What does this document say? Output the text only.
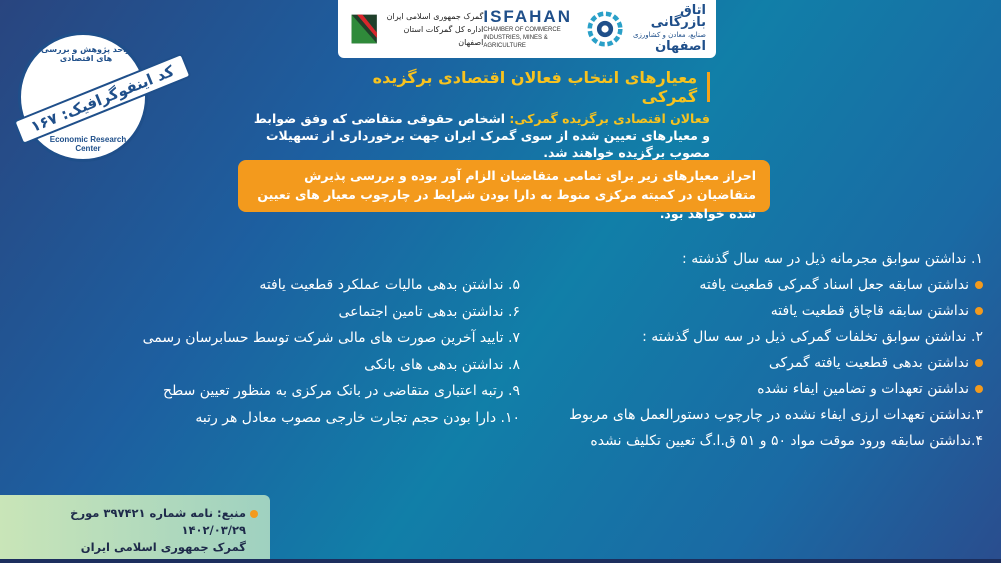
گمرک جمهوری اسلامی ایران
اداره کل گمرکات استان اصفهان
ISFAHAN
CHAMBER OF COMMERCE
INDUSTRIES, MINES & AGRICULTURE
اتاق بازرگانی
صنایع، معادن و کشاورزی
اصفهان
واحد پژوهش و بررسی های اقتصادی
Economic Research Center
کد اینفوگرافیک: ۱۶۷	معیارهای انتخاب فعالان اقتصادی برگزیده گمرکی
فعالان اقتصادی برگزیده گمرکی: اشخاص حقوقی متقاضی که وفق ضوابط و معیارهای تعیین شده از سوی گمرک ایران جهت برخورداری از تسهیلات مصوب برگزیده خواهند شد.
احراز معیارهای زیر برای تمامی متقاضیان الزام آور بوده و بررسی پذیرش متقاضیان در کمیته مرکزی منوط به دارا بودن شرایط در چارچوب معیار های تعیین شده خواهد بود.
۱. نداشتن سوابق مجرمانه ذیل در سه سال گذشته :
نداشتن سابقه جعل اسناد گمرکی قطعیت یافته
نداشتن سابقه قاچاق قطعیت یافته
۲. نداشتن سوابق تخلفات گمرکی ذیل در سه سال گذشته :
نداشتن بدهی قطعیت یافته گمرکی
نداشتن تعهدات و تضامین ایفاء نشده
۳.نداشتن تعهدات ارزی ایفاء نشده در چارچوب دستورالعمل های مربوط
۴.نداشتن سابقه ورود موقت مواد ۵۰ و ۵۱ ق.ا.گ تعیین تکلیف نشده
۵. نداشتن بدهی مالیات عملکرد قطعیت یافته
۶. نداشتن بدهی تامین اجتماعی
۷. تایید آخرین صورت های مالی شرکت توسط حسابرسان رسمی
۸. نداشتن بدهی های بانکی
۹. رتبه اعتباری متقاضی در بانک مرکزی به منظور تعیین سطح
۱۰. دارا بودن حجم تجارت خارجی مصوب معادل هر رتبه
منبع: نامه شماره ۳۹۷۴۲۱ مورخ ۱۴۰۲/۰۳/۲۹
گمرک جمهوری اسلامی ایران
